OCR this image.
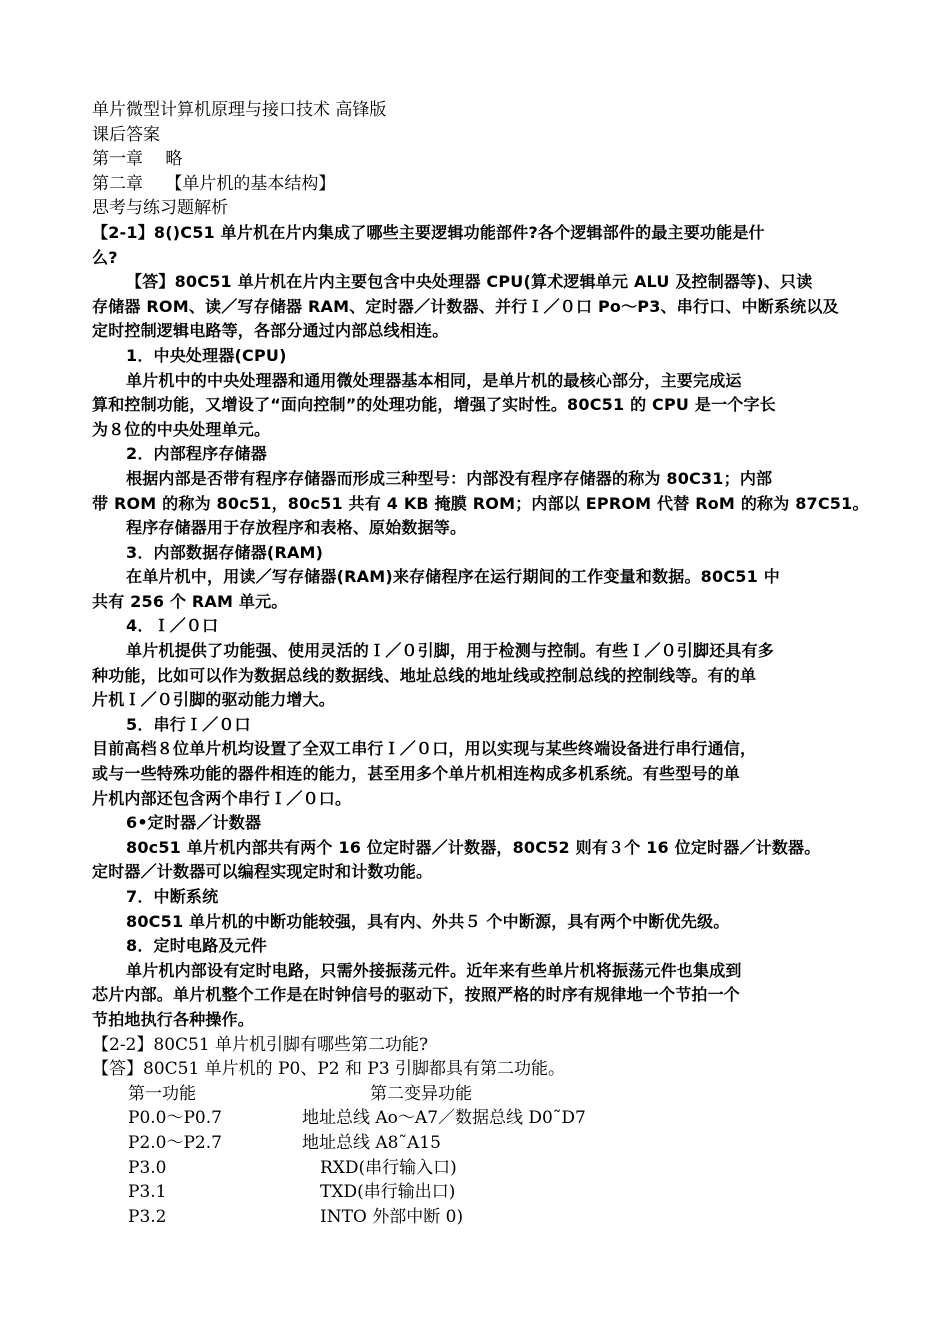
单片微型计算机原理与接口技术 高锋版
课后答案
第一章　 略
第二章　 【单片机的基本结构】
思考与练习题解析
【2-1】8()C51 单片机在片内集成了哪些主要逻辑功能部件?各个逻辑部件的最主要功能是什
么?
【答】80C51 单片机在片内主要包含中央处理器 CPU(算术逻辑单元 ALU 及控制器等)、只读
存储器 ROM、读／写存储器 RAM、定时器／计数器、并行Ｉ／０口 Po～P3、串行口、中断系统以及
定时控制逻辑电路等，各部分通过内部总线相连。
1．中央处理器(CPU)
单片机中的中央处理器和通用微处理器基本相同，是单片机的最核心部分，主要完成运
算和控制功能，又增设了“面向控制”的处理功能，增强了实时性。80C51 的 CPU 是一个字长
为８位的中央处理单元。
2．内部程序存储器
根据内部是否带有程序存储器而形成三种型号：内部没有程序存储器的称为 80C31；内部
带 ROM 的称为 80c51，80c51 共有 4 KB 掩膜 ROM；内部以 EPROM 代替 RoM 的称为 87C51。
程序存储器用于存放程序和表格、原始数据等。
3．内部数据存储器(RAM)
在单片机中，用读／写存储器(RAM)来存储程序在运行期间的工作变量和数据。80C51 中
共有 256 个 RAM 单元。
4．Ｉ／０口
单片机提供了功能强、使用灵活的Ｉ／０引脚，用于检测与控制。有些Ｉ／０引脚还具有多
种功能，比如可以作为数据总线的数据线、地址总线的地址线或控制总线的控制线等。有的单
片机Ｉ／０引脚的驱动能力增大。
5．串行Ｉ／０口
目前高档８位单片机均设置了全双工串行Ｉ／０口，用以实现与某些终端设备进行串行通信，
或与一些特殊功能的器件相连的能力，甚至用多个单片机相连构成多机系统。有些型号的单
片机内部还包含两个串行Ｉ／０口。
6•定时器／计数器
80c51 单片机内部共有两个 16 位定时器／计数器，80C52 则有３个 16 位定时器／计数器。
定时器／计数器可以编程实现定时和计数功能。
7．中断系统
80C51 单片机的中断功能较强，具有内、外共５ 个中断源，具有两个中断优先级。
8．定时电路及元件
单片机内部设有定时电路，只需外接振荡元件。近年来有些单片机将振荡元件也集成到
芯片内部。单片机整个工作是在时钟信号的驱动下，按照严格的时序有规律地一个节拍一个
节拍地执行各种操作。
【2-2】80C51 单片机引脚有哪些第二功能?
【答】80C51 单片机的 P0、P2 和 P3 引脚都具有第二功能。
第一功能	第二变异功能
P0.0～P0.7	地址总线 Ao～A7／数据总线 D0˜D7
P2.0～P2.7	地址总线 A8˜A15
P3.0	RXD(串行输入口)
P3.1	TXD(串行输出口)
P3.2	INTO 外部中断 0)
